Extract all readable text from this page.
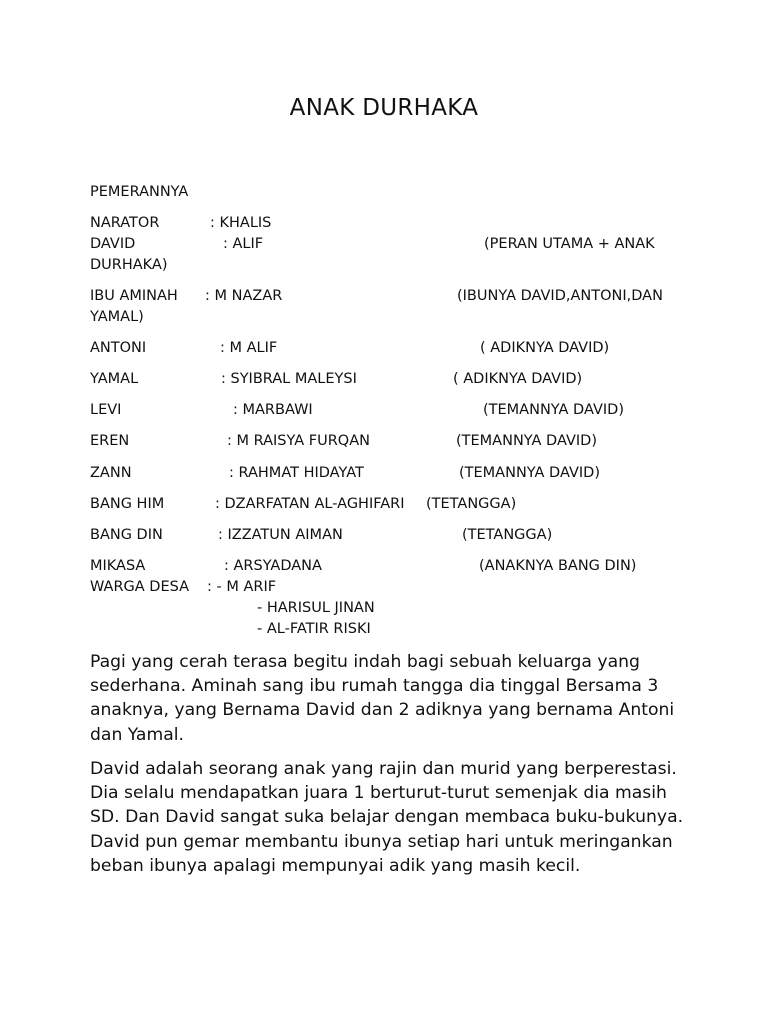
ANAK DURHAKA

PEMERANNYA

NARATOR	: KHALIS
DAVID	: ALIF	(PERAN UTAMA + ANAK
DURHAKA)
IBU AMINAH : M NAZAR	(IBUNYA DAVID,ANTONI,DAN
YAMAL)
ANTONI	: M ALIF	( ADIKNYA DAVID)
YAMAL	: SYIBRAL MALEYSI	( ADIKNYA DAVID)
LEVI	: MARBAWI	(TEMANNYA DAVID)
EREN	: M RAISYA FURQAN	(TEMANNYA DAVID)
ZANN	: RAHMAT HIDAYAT	(TEMANNYA DAVID)
BANG HIM	: DZARFATAN AL-AGHIFARI (TETANGGA)
BANG DIN	: IZZATUN AIMAN	(TETANGGA)
MIKASA	: ARSYADANA	(ANAKNYA BANG DIN)
WARGA DESA : - M ARIF
- HARISUL JINAN
- AL-FATIR RISKI

Pagi yang cerah terasa begitu indah bagi sebuah keluarga yang sederhana. Aminah sang ibu rumah tangga dia tinggal Bersama 3 anaknya, yang Bernama David dan 2 adiknya yang bernama Antoni dan Yamal.

David adalah seorang anak yang rajin dan murid yang berperestasi. Dia selalu mendapatkan juara 1 berturut-turut semenjak dia masih SD. Dan David sangat suka belajar dengan membaca buku-bukunya. David pun gemar membantu ibunya setiap hari untuk meringankan beban ibunya apalagi mempunyai adik yang masih kecil.
